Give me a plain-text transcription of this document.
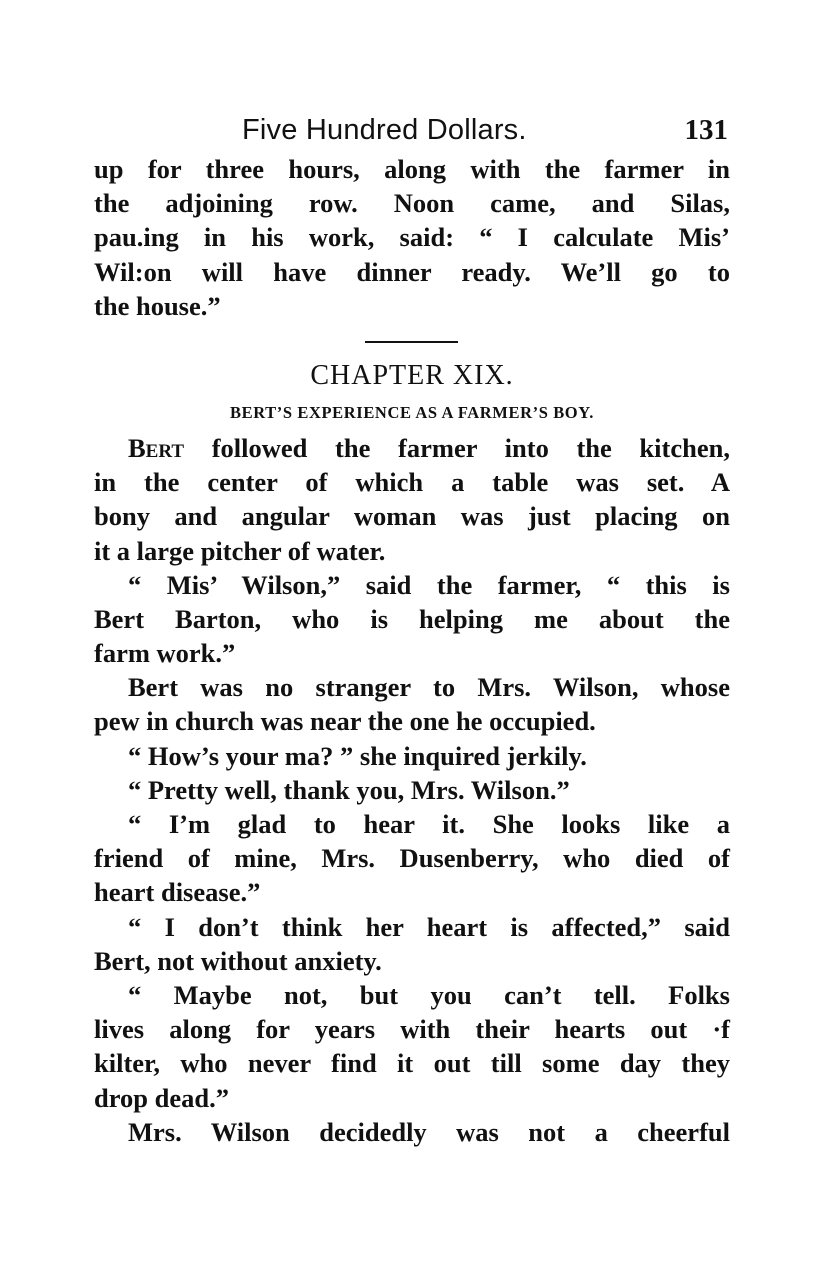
Five Hundred Dollars.	131
up for three hours, along with the farmer in
the adjoining row. Noon came, and Silas,
pau.ing in his work, said: “ I calculate Mis’
Wil:on will have dinner ready. We’ll go to
the house.”
CHAPTER XIX.
BERT’S EXPERIENCE AS A FARMER’S BOY.
Bert followed the farmer into the kitchen,
in the center of which a table was set. A
bony and angular woman was just placing on
it a large pitcher of water.
“ Mis’ Wilson,” said the farmer, “ this is
Bert Barton, who is helping me about the
farm work.”
Bert was no stranger to Mrs. Wilson, whose
pew in church was near the one he occupied.
“ How’s your ma? ” she inquired jerkily.
“ Pretty well, thank you, Mrs. Wilson.”
“ I’m glad to hear it. She looks like a
friend of mine, Mrs. Dusenberry, who died of
heart disease.”
“ I don’t think her heart is affected,” said
Bert, not without anxiety.
“ Maybe not, but you can’t tell. Folks
lives along for years with their hearts out ·f
kilter, who never find it out till some day they
drop dead.”
Mrs. Wilson decidedly was not a cheerful
